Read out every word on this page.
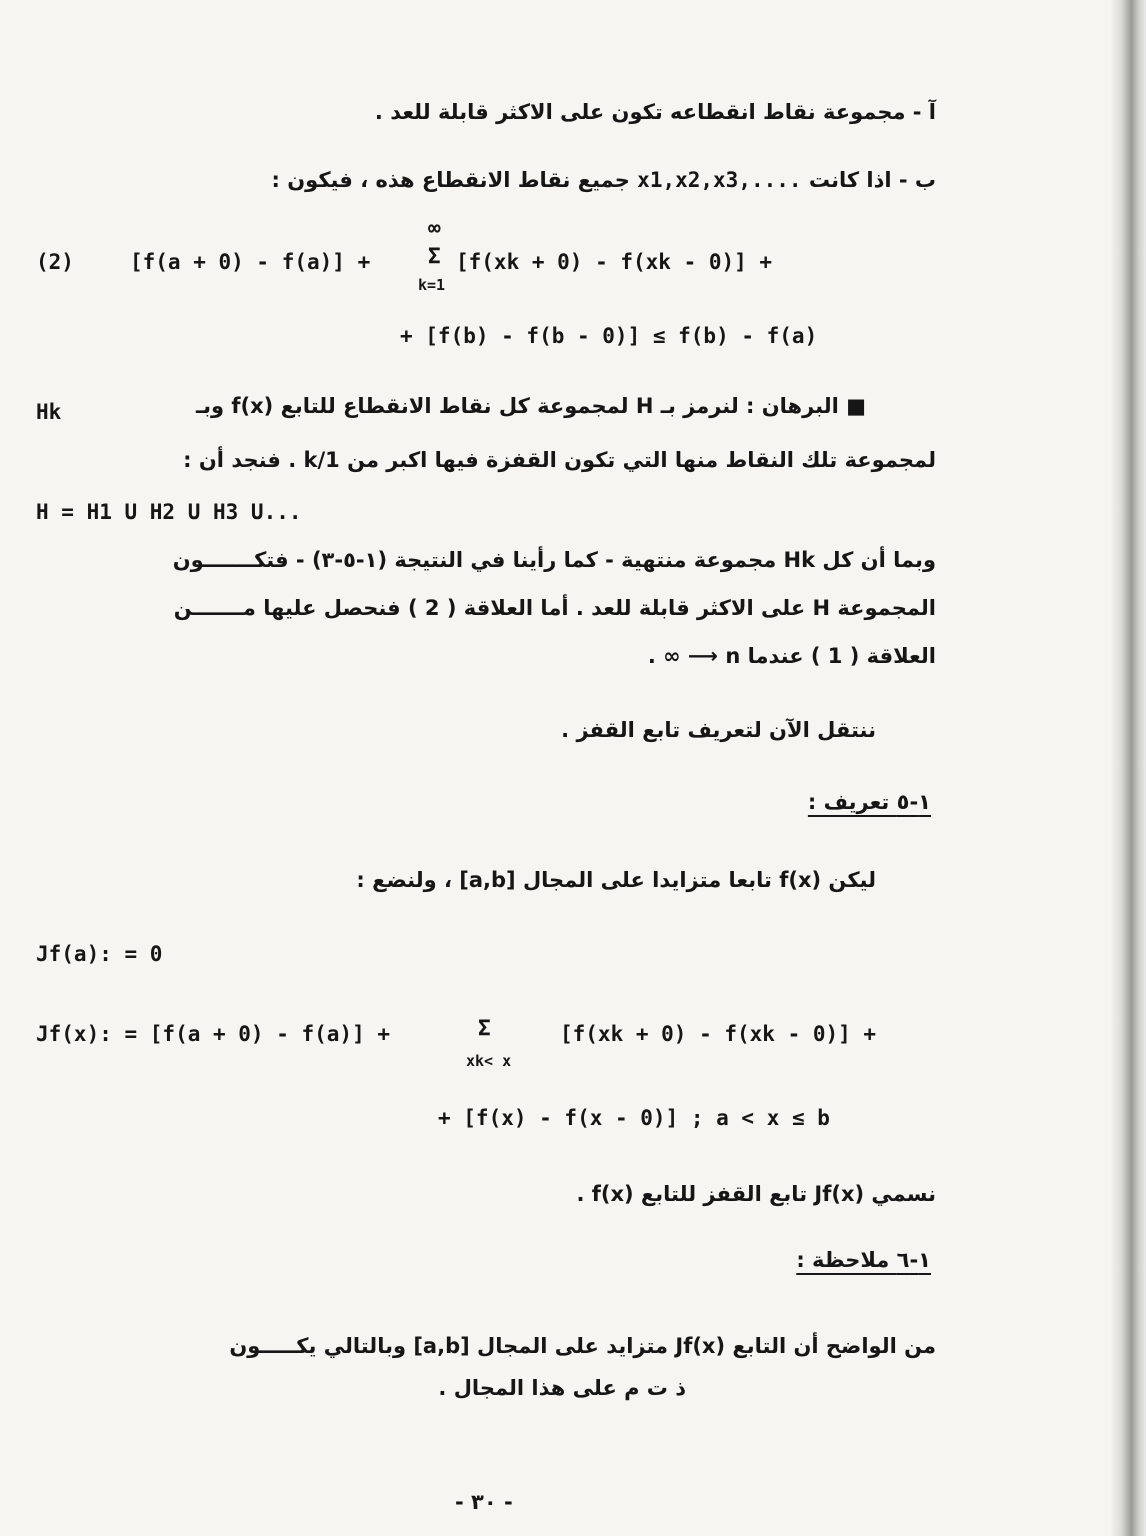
آ - مجموعة نقاط انقطاعه تكون على الاكثر قابلة للعد .
ب - اذا كانت x1,x2,x3,.... جميع نقاط الانقطاع هذه ، فيكون :
(2)	[f(a + 0) - f(a)] +
∞
Σ
k=1
[f(xk + 0) - f(xk - 0)] +
+ [f(b) - f(b - 0)] ≤ f(b) - f(a)
■ البرهان : لنرمز بـ H لمجموعة كل نقاط الانقطاع للتابع f(x) وبـ
Hk
لمجموعة تلك النقاط منها التي تكون القفزة فيها اكبر من 1/k . فنجد أن :
H = H1 U H2 U H3 U...
وبما أن كل Hk مجموعة منتهية - كما رأينا في النتيجة (١-٥-٣) - فتكـــــــون
المجموعة H على الاكثر قابلة للعد . أما العلاقة ( 2 ) فنحصل عليها مـــــــن
العلاقة ( 1 ) عندما n ⟶ ∞ .
ننتقل الآن لتعريف تابع القفز .
١-٥ تعريف :
ليكن f(x) تابعا متزايدا على المجال [a,b] ، ولنضع :
Jf(a): = 0
Jf(x): = [f(a + 0) - f(a)] +	Σ
xk< x
[f(xk + 0) - f(xk - 0)] +
+ [f(x) - f(x - 0)] ; a < x ≤ b
نسمي Jf(x) تابع القفز للتابع f(x) .
١-٦ ملاحظة :
من الواضح أن التابع Jf(x) متزايد على المجال [a,b] وبالتالي يكـــــون
ذ ت م على هذا المجال .
- ٣٠ -
